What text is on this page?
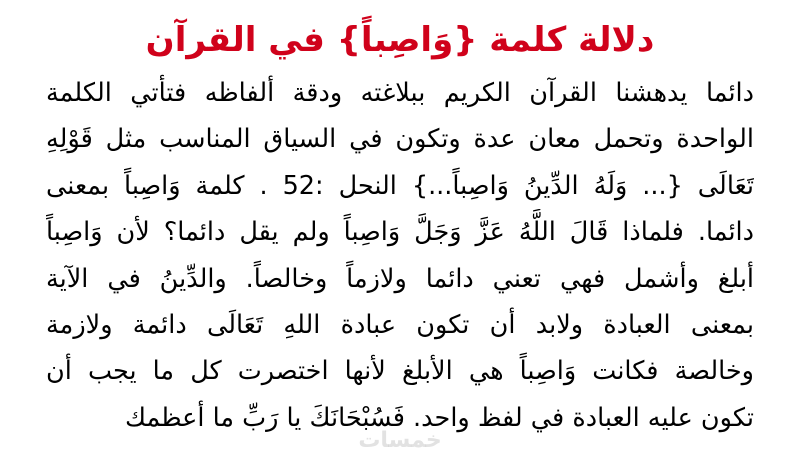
دلالة كلمة {وَاصِباً} في القرآن
دائما يدهشنا القرآن الكريم ببلاغته ودقة ألفاظه فتأتي الكلمة
الواحدة وتحمل معان عدة وتكون في السياق المناسب مثل قَوْلِهِ
تَعَالَى {... وَلَهُ الدِّينُ وَاصِباً...} النحل :52 . كلمة وَاصِباً بمعنى
دائما. فلماذا قَالَ اللَّهُ عَزَّ وَجَلَّ وَاصِباً ولم يقل دائما؟ لأن وَاصِباً
أبلغ وأشمل فهي تعني دائما ولازماً وخالصاً. والدِّينُ في الآية
بمعنى العبادة ولابد أن تكون عبادة اللهِ تَعَالَى دائمة ولازمة
وخالصة فكانت وَاصِباً هي الأبلغ لأنها اختصرت كل ما يجب أن
تكون عليه العبادة في لفظ واحد. فَسُبْحَانَكَ يا رَبِّ ما أعظمك
خمسات
